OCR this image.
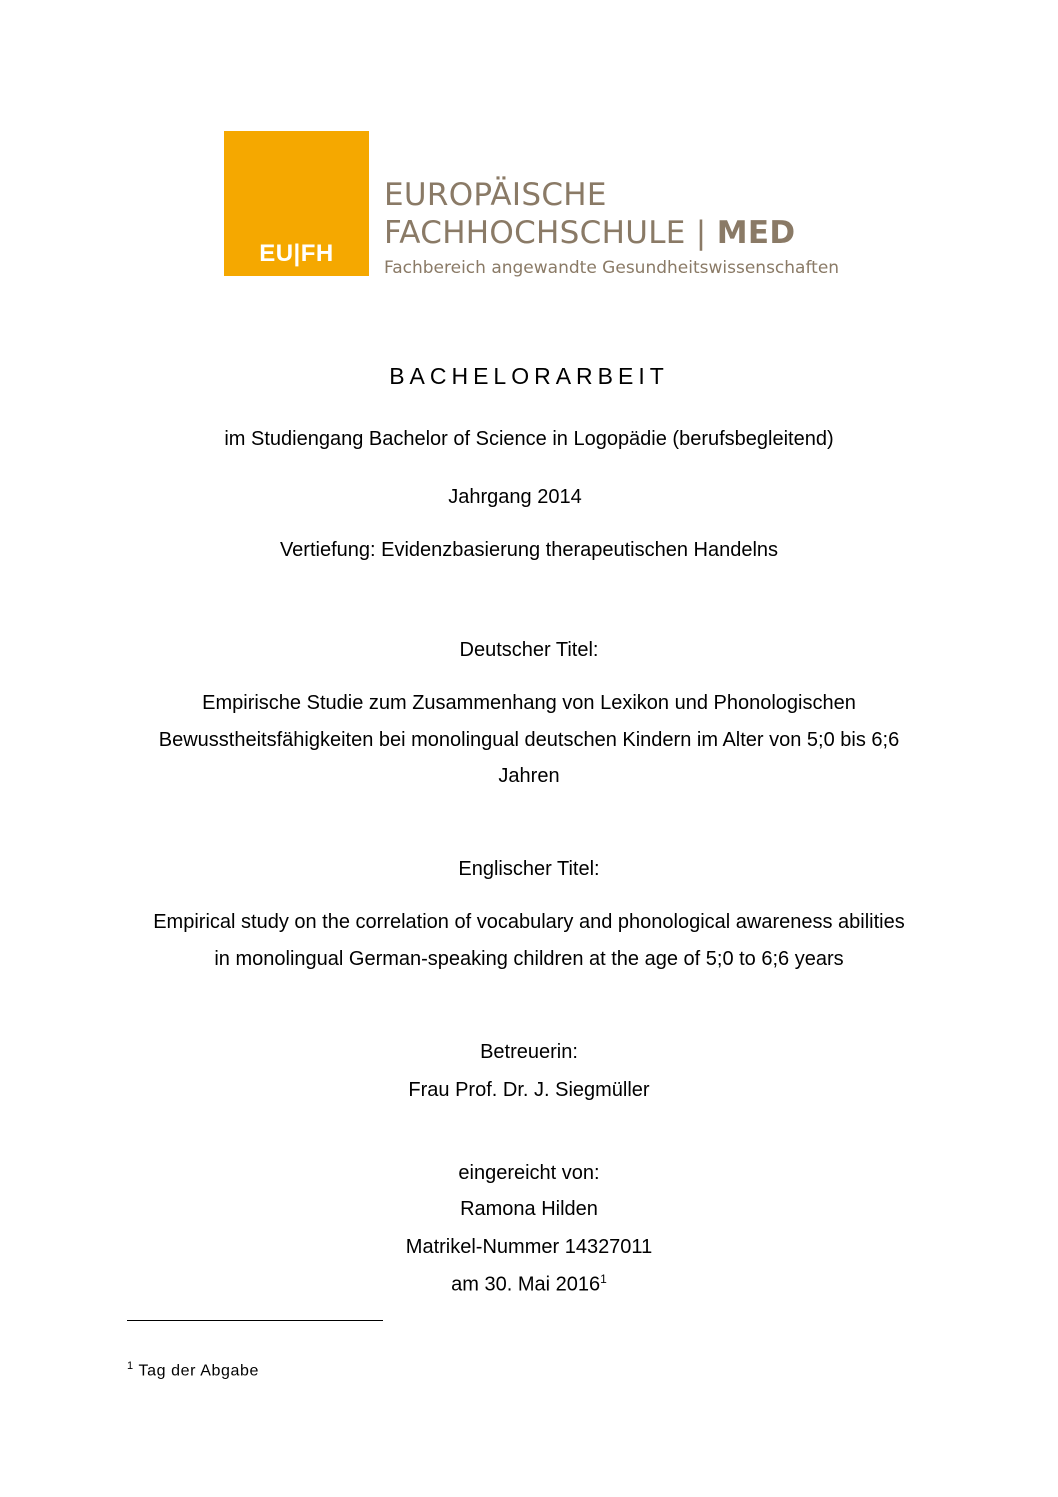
EU|FH
EUROPÄISCHE
FACHHOCHSCHULE | MED
Fachbereich angewandte Gesundheitswissenschaften
BACHELORARBEIT
im Studiengang Bachelor of Science in Logopädie (berufsbegleitend)
Jahrgang 2014
Vertiefung: Evidenzbasierung therapeutischen Handelns
Deutscher Titel:
Empirische Studie zum Zusammenhang von Lexikon und Phonologischen
Bewusstheitsfähigkeiten bei monolingual deutschen Kindern im Alter von 5;0 bis 6;6
Jahren
Englischer Titel:
Empirical study on the correlation of vocabulary and phonological awareness abilities
in monolingual German-speaking children at the age of 5;0 to 6;6 years
Betreuerin:
Frau Prof. Dr. J. Siegmüller
eingereicht von:
Ramona Hilden
Matrikel-Nummer 14327011
am 30. Mai 2016$^1$
$^1$ Tag der Abgabe
